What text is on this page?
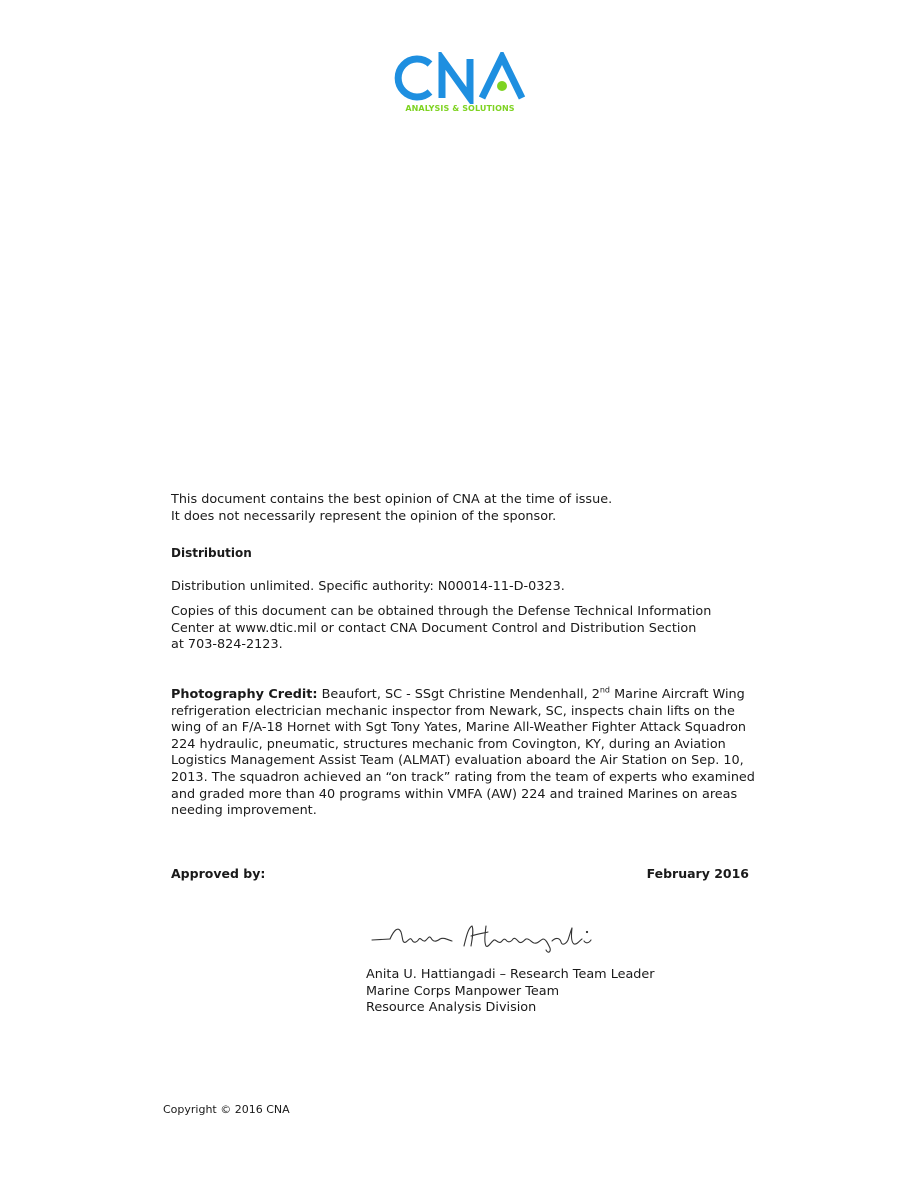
ANALYSIS & SOLUTIONS

This document contains the best opinion of CNA at the time of issue.

It does not necessarily represent the opinion of the sponsor.

Distribution
Distribution unlimited. Specific authority: N00014-11-D-0323.

Copies of this document can be obtained through the Defense Technical Information

Center at www.dtic.mil or contact CNA Document Control and Distribution Section

at 703-824-2123.

Photography Credit: Beaufort, SC - SSgt Christine Mendenhall, 2nd Marine Aircraft Wing refrigeration electrician mechanic inspector from Newark, SC, inspects chain lifts on the wing of an F/A-18 Hornet with Sgt Tony Yates, Marine All-Weather Fighter Attack Squadron 224 hydraulic, pneumatic, structures mechanic from Covington, KY, during an Aviation Logistics Management Assist Team (ALMAT) evaluation aboard the Air Station on Sep. 10, 2013. The squadron achieved an “on track” rating from the team of experts who examined and graded more than 40 programs within VMFA (AW) 224 and trained Marines on areas needing improvement.
Approved by:	February 2016

Anita U. Hattiangadi – Research Team Leader

Marine Corps Manpower Team

Resource Analysis Division

Copyright © 2016 CNA
